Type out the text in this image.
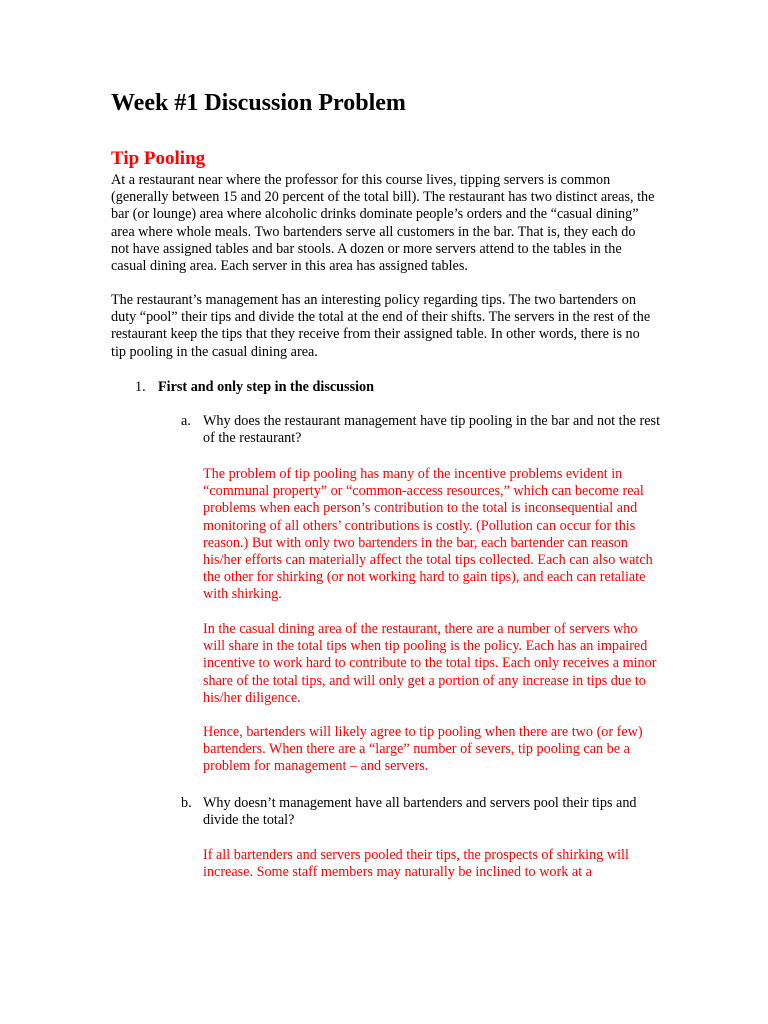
Week #1 Discussion Problem
Tip Pooling

At a restaurant near where the professor for this course lives, tipping servers is common (generally between 15 and 20 percent of the total bill). The restaurant has two distinct areas, the bar (or lounge) area where alcoholic drinks dominate people’s orders and the “casual dining” area where whole meals. Two bartenders serve all customers in the bar. That is, they each do not have assigned tables and bar stools. A dozen or more servers attend to the tables in the casual dining area. Each server in this area has assigned tables.

The restaurant’s management has an interesting policy regarding tips. The two bartenders on duty “pool” their tips and divide the total at the end of their shifts. The servers in the rest of the restaurant keep the tips that they receive from their assigned table. In other words, there is no tip pooling in the casual dining area.

1. First and only step in the discussion
a. Why does the restaurant management have tip pooling in the bar and not the rest of the restaurant?

The problem of tip pooling has many of the incentive problems evident in “communal property” or “common-access resources,” which can become real problems when each person’s contribution to the total is inconsequential and monitoring of all others’ contributions is costly. (Pollution can occur for this reason.) But with only two bartenders in the bar, each bartender can reason his/her efforts can materially affect the total tips collected. Each can also watch the other for shirking (or not working hard to gain tips), and each can retaliate with shirking.

In the casual dining area of the restaurant, there are a number of servers who will share in the total tips when tip pooling is the policy. Each has an impaired incentive to work hard to contribute to the total tips. Each only receives a minor share of the total tips, and will only get a portion of any increase in tips due to his/her diligence.

Hence, bartenders will likely agree to tip pooling when there are two (or few) bartenders. When there are a “large” number of severs, tip pooling can be a problem for management – and servers.

b. Why doesn’t management have all bartenders and servers pool their tips and divide the total?

If all bartenders and servers pooled their tips, the prospects of shirking will increase. Some staff members may naturally be inclined to work at a
